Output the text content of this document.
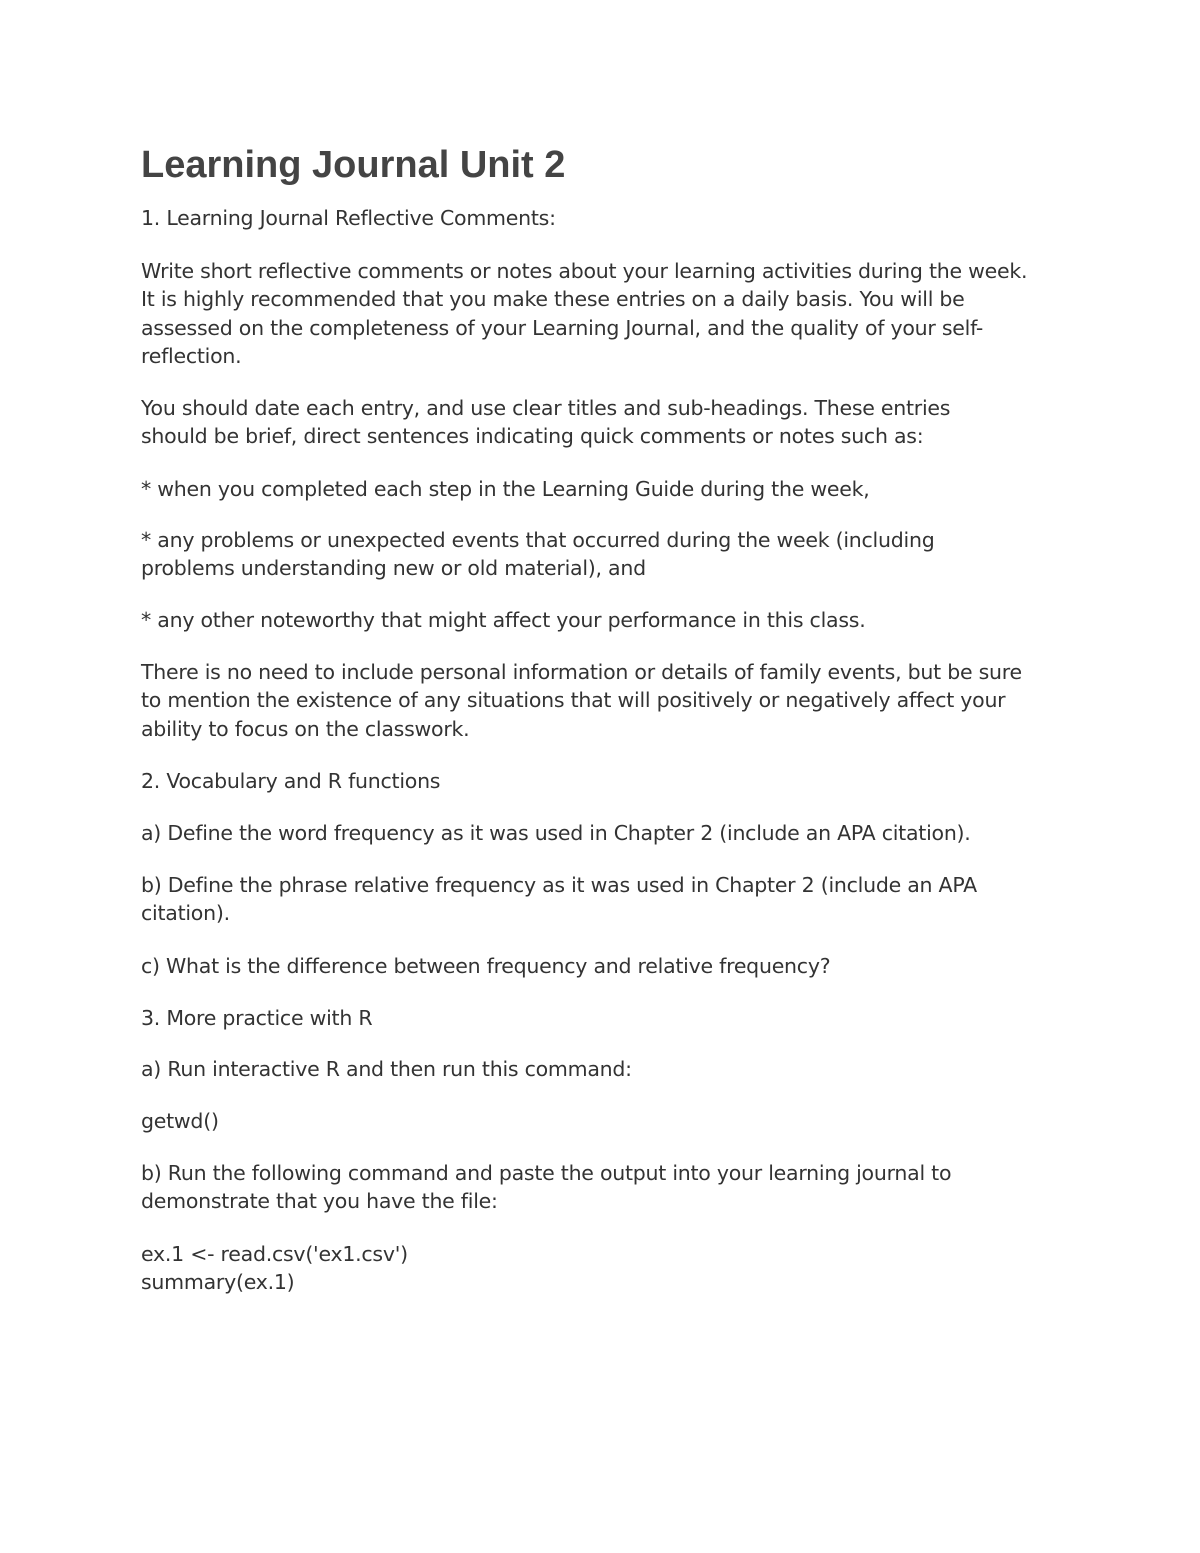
Learning Journal Unit 2

1. Learning Journal Reflective Comments:

Write short reflective comments or notes about your learning activities during the week.
It is highly recommended that you make these entries on a daily basis. You will be
assessed on the completeness of your Learning Journal, and the quality of your self-
reflection.

You should date each entry, and use clear titles and sub-headings. These entries
should be brief, direct sentences indicating quick comments or notes such as:

* when you completed each step in the Learning Guide during the week,

* any problems or unexpected events that occurred during the week (including
problems understanding new or old material), and

* any other noteworthy that might affect your performance in this class.

There is no need to include personal information or details of family events, but be sure
to mention the existence of any situations that will positively or negatively affect your
ability to focus on the classwork.

2. Vocabulary and R functions

a) Define the word frequency as it was used in Chapter 2 (include an APA citation).

b) Define the phrase relative frequency as it was used in Chapter 2 (include an APA
citation).

c) What is the difference between frequency and relative frequency?

3. More practice with R

a) Run interactive R and then run this command:

getwd()

b) Run the following command and paste the output into your learning journal to
demonstrate that you have the file:

ex.1 <- read.csv('ex1.csv')
summary(ex.1)
